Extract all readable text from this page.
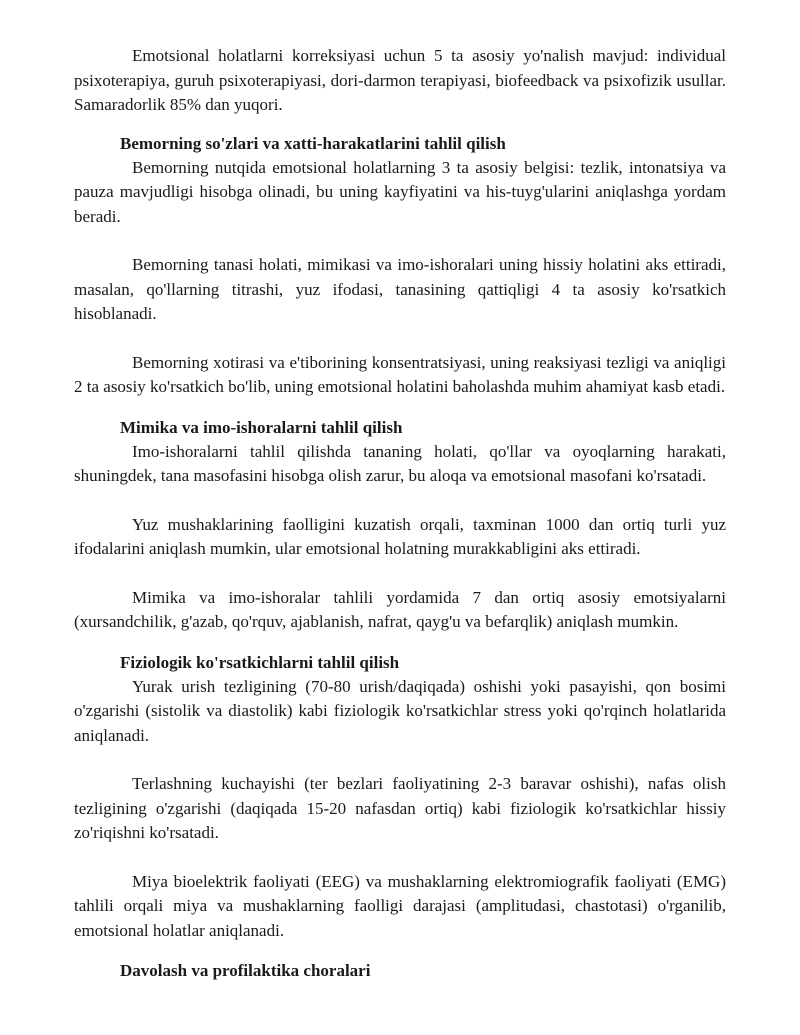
Emotsional holatlarni korreksiyasi uchun 5 ta asosiy yo'nalish mavjud: individual psixoterapiya, guruh psixoterapiyasi, dori-darmon terapiyasi, biofeedback va psixofizik usullar. Samaradorlik 85% dan yuqori.

Bemorning so'zlari va xatti-harakatlarini tahlil qilish

Bemorning nutqida emotsional holatlarning 3 ta asosiy belgisi: tezlik, intonatsiya va pauza mavjudligi hisobga olinadi, bu uning kayfiyatini va his-tuyg'ularini aniqlashga yordam beradi.

Bemorning tanasi holati, mimikasi va imo-ishoralari uning hissiy holatini aks ettiradi, masalan, qo'llarning titrashi, yuz ifodasi, tanasining qattiqligi 4 ta asosiy ko'rsatkich hisoblanadi.

Bemorning xotirasi va e'tiborining konsentratsiyasi, uning reaksiyasi tezligi va aniqligi 2 ta asosiy ko'rsatkich bo'lib, uning emotsional holatini baholashda muhim ahamiyat kasb etadi.

Mimika va imo-ishoralarni tahlil qilish

Imo-ishoralarni tahlil qilishda tananing holati, qo'llar va oyoqlarning harakati, shuningdek, tana masofasini hisobga olish zarur, bu aloqa va emotsional masofani ko'rsatadi.

Yuz mushaklarining faolligini kuzatish orqali, taxminan 1000 dan ortiq turli yuz ifodalarini aniqlash mumkin, ular emotsional holatning murakkabligini aks ettiradi.

Mimika va imo-ishoralar tahlili yordamida 7 dan ortiq asosiy emotsiyalarni (xursandchilik, g'azab, qo'rquv, ajablanish, nafrat, qayg'u va befarqlik) aniqlash mumkin.

Fiziologik ko'rsatkichlarni tahlil qilish

Yurak urish tezligining (70-80 urish/daqiqada) oshishi yoki pasayishi, qon bosimi o'zgarishi (sistolik va diastolik) kabi fiziologik ko'rsatkichlar stress yoki qo'rqinch holatlarida aniqlanadi.

Terlashning kuchayishi (ter bezlari faoliyatining 2-3 baravar oshishi), nafas olish tezligining o'zgarishi (daqiqada 15-20 nafasdan ortiq) kabi fiziologik ko'rsatkichlar hissiy zo'riqishni ko'rsatadi.

Miya bioelektrik faoliyati (EEG) va mushaklarning elektromiografik faoliyati (EMG) tahlili orqali miya va mushaklarning faolligi darajasi (amplitudasi, chastotasi) o'rganilib, emotsional holatlar aniqlanadi.

Davolash va profilaktika choralari
